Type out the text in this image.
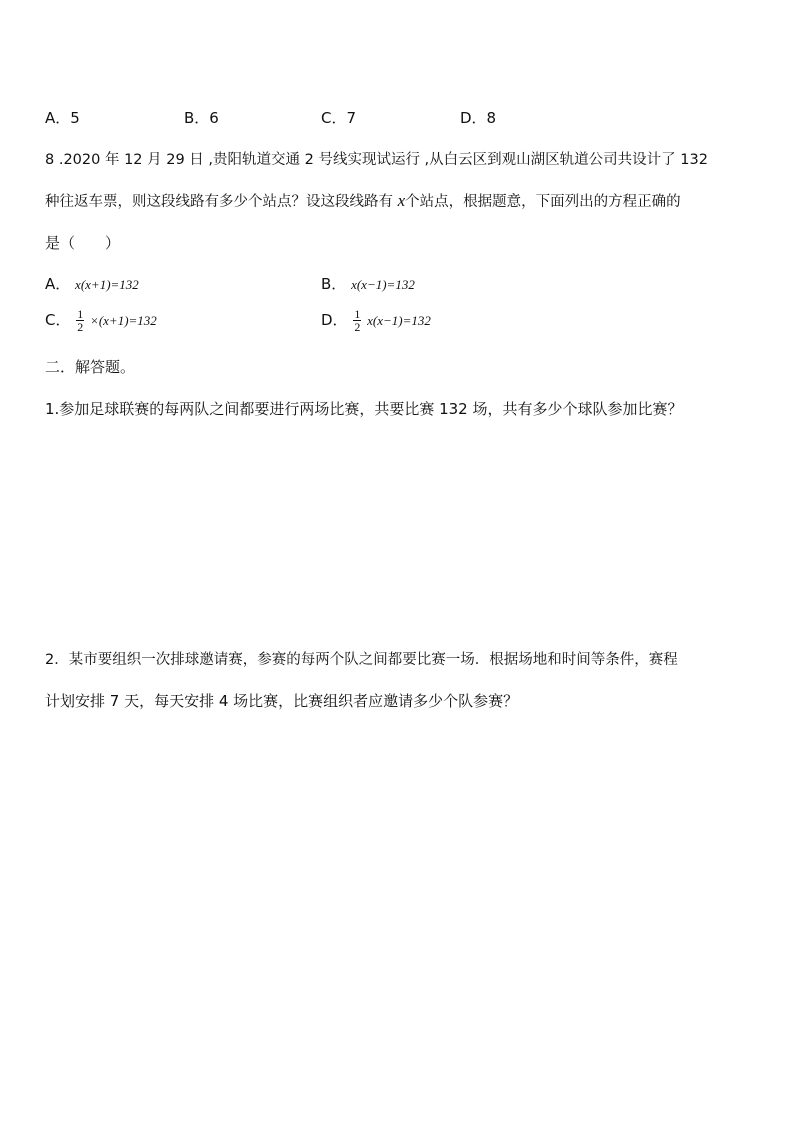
A．5	B．6	C．7	D．8
8 .2020 年 12 月 29 日 ,贵阳轨道交通 2 号线实现试运行 ,从白云区到观山湖区轨道公司共设计了 132
种往返车票，则这段线路有多少个站点？设这段线路有 x个站点，根据题意，下面列出的方程正确的
是（　　）
A． x(x+1)=132	B． x(x−1)=132
C． $\frac{1}{2} \times(x+1)=132$	D． $\frac{1}{2} x(x-1)=132$
二．解答题。
1.参加足球联赛的每两队之间都要进行两场比赛，共要比赛 132 场，共有多少个球队参加比赛？
2．某市要组织一次排球邀请赛，参赛的每两个队之间都要比赛一场．根据场地和时间等条件，赛程
计划安排 7 天，每天安排 4 场比赛，比赛组织者应邀请多少个队参赛？
